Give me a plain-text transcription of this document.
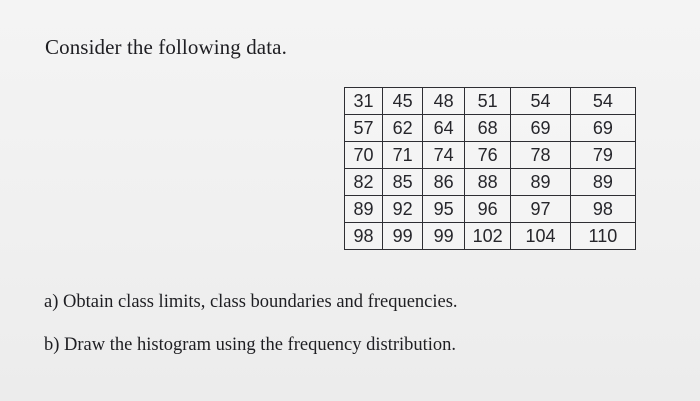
Consider the following data.
31	45	48	51	54	54
57	62	64	68	69	69
70	71	74	76	78	79
82	85	86	88	89	89
89	92	95	96	97	98
98	99	99	102	104	110
a) Obtain class limits, class boundaries and frequencies.
b) Draw the histogram using the frequency distribution.
